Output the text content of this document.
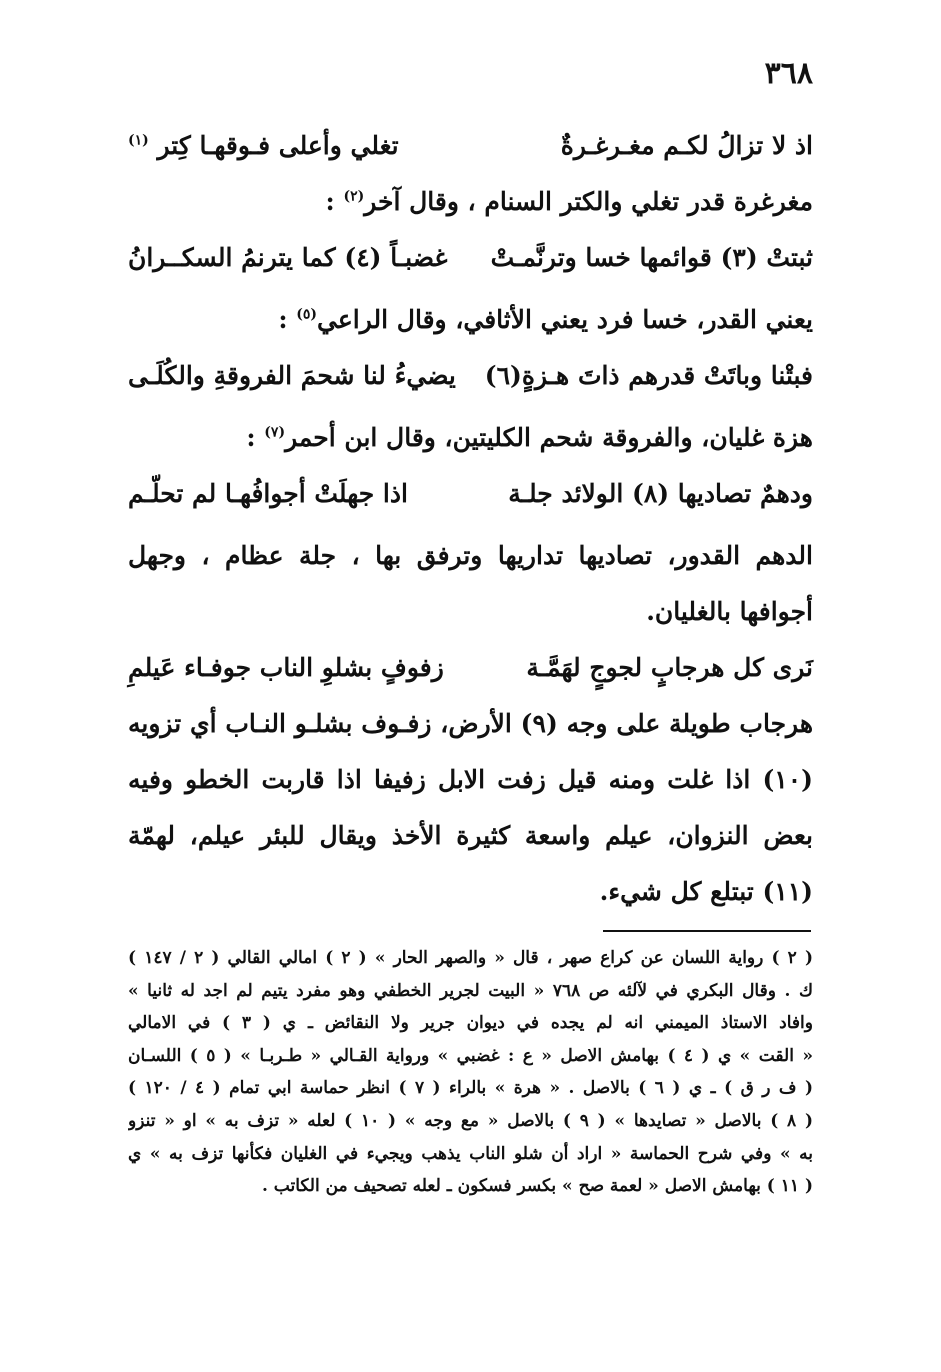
٣٦٨
اذ لا تزالُ لكـم مغـرغـرةٌ
تغلي وأعلى فـوقهـا كِتر $^{(١)}$
مغرغرة قدر تغلي والكتر السنام ، وقال آخر$^{(٢)}$ :
ثبتتْ (٣) قوائمها خسا وترنَّمـتْ
غضبـاً (٤) كما يترنمُ السكــرانُ
يعني القدر، خسا فرد يعني الأثافي، وقال الراعي$^{(٥)}$ :
فبتْنا وباتَتْ قدرهم ذاتَ هـزةٍ(٦)
يضيءُ لنا شحمَ الفروقةِ والكُلَـى
هزة غليان، والفروقة شحم الكليتين، وقال ابن أحمر$^{(٧)}$ :
ودهمٌ تصاديها (٨) الولائد جلـة
اذا جهلَتْ أجوافُهـا لم تحلّـم
الدهم القدور، تصاديها تداريها وترفق بها ، جلة عظام ، وجهل أجوافها بالغليان.
نَرى كل هرجابٍ لجوجٍ لهَمَّـة
زفوفٍ بشلوِ الناب جوفـاء عَيلمِ
هرجاب طويلة على وجه (٩) الأرض، زفـوف بشلـو النـاب أي تزويه (١٠) اذا غلت ومنه قيل زفت الابل زفيفا اذا قاربت الخطو وفيه بعض النزوان، عيلم واسعة كثيرة الأخذ ويقال للبئر عيلم، لهمّة (١١) تبتلع كل شيء.
( ٢ ) رواية اللسان عن كراع صهر ، قال « والصهر الحار » ( ٢ ) امالي القالي ( ٢ / ١٤٧ )
ك . وقال البكري في لآلئه ص ٧٦٨ « البيت لجرير الخطفي وهو مفرد يتيم لم اجد له ثانيا »
وافاد الاستاذ الميمني انه لم يجده في ديوان جرير ولا النقائض ـ ي ( ٣ ) في الامالي
« القت » ي ( ٤ ) بهامش الاصل « ع : غضبي » ورواية القـالي « طـربـا » ( ٥ ) اللسـان
( ف ر ق ) ـ ي ( ٦ ) بالاصل . « هرة » بالراء ( ٧ ) انظر حماسة ابي تمام ( ٤ / ١٢٠ )
( ٨ ) بالاصل « تصايدها » ( ٩ ) بالاصل « مع وجه » ( ١٠ ) لعله « تزف به » او « تنزو
به » وفي شرح الحماسة « اراد أن شلو الناب يذهب ويجيء في الغليان فكأنها تزف به » ي
( ١١ ) بهامش الاصل « لعمة صح » بكسر فسكون ـ لعله تصحيف من الكاتب .
